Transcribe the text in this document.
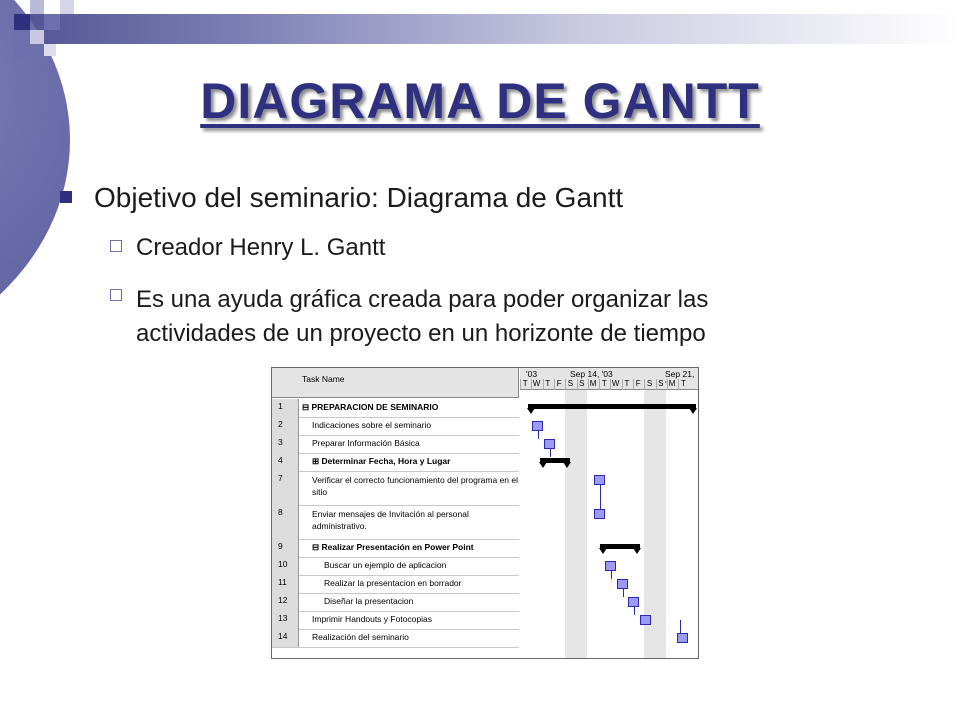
DIAGRAMA DE GANTT
Objetivo del seminario: Diagrama de Gantt
Creador Henry L. Gantt
Es una ayuda gráfica creada para poder organizar las
actividades de un proyecto en un horizonte de tiempo
Task Name	'03	Sep 14, '03	Sep 21, '
T W T F S S M T W T F S S M T
1	⊟ PREPARACION DE SEMINARIO
2	Indicaciones sobre el seminario
3	Preparar Información Básica
4	⊞ Determinar Fecha, Hora y Lugar
7	Verificar el correcto funcionamiento del programa en el sitio
8	Enviar mensajes de Invitación al personal administrativo.
9	⊟ Realizar Presentación en Power Point
10	Buscar un ejemplo de aplicacion
11	Realizar la presentacion en borrador
12	Diseñar la presentacion
13	Imprimir Handouts y Fotocopias
14	Realización del seminario
